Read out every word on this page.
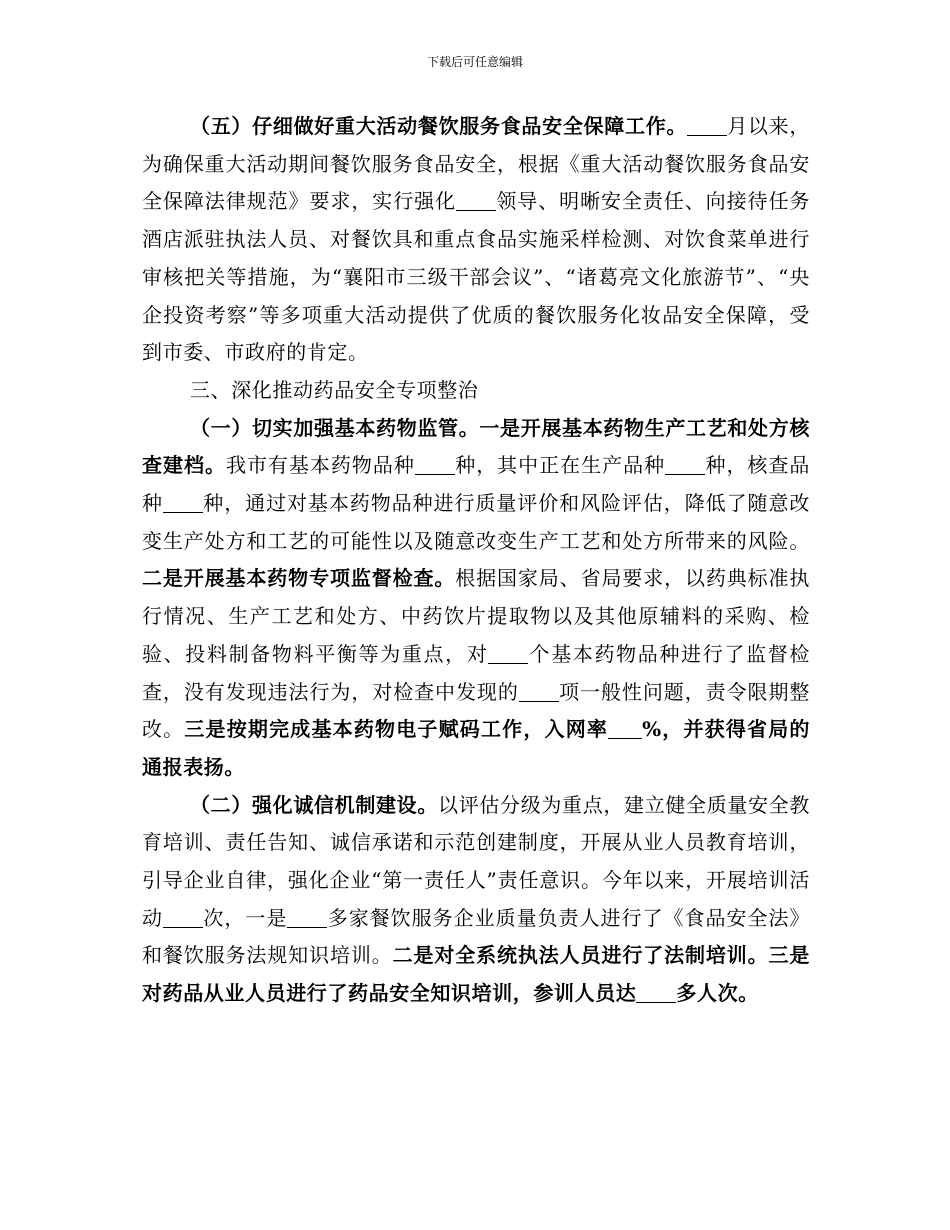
下载后可任意编辑

（五）仔细做好重大活动餐饮服务食品安全保障工作。 月以来，为确保重大活动期间餐饮服务食品安全，根据《重大活动餐饮服务食品安全保障法律规范》要求，实行强化 领导、明晰安全责任、向接待任务酒店派驻执法人员、对餐饮具和重点食品实施采样检测、对饮食菜单进行审核把关等措施，为“襄阳市三级干部会议”、“诸葛亮文化旅游节”、“央企投资考察”等多项重大活动提供了优质的餐饮服务化妆品安全保障，受到市委、市政府的肯定。

三、深化推动药品安全专项整治

（一）切实加强基本药物监管。一是开展基本药物生产工艺和处方核查建档。我市有基本药物品种 种，其中正在生产品种 种，核查品种 种，通过对基本药物品种进行质量评价和风险评估，降低了随意改变生产处方和工艺的可能性以及随意改变生产工艺和处方所带来的风险。二是开展基本药物专项监督检查。根据国家局、省局要求，以药典标准执行情况、生产工艺和处方、中药饮片提取物以及其他原辅料的采购、检验、投料制备物料平衡等为重点，对 个基本药物品种进行了监督检查，没有发现违法行为，对检查中发现的 项一般性问题，责令限期整改。三是按期完成基本药物电子赋码工作，入网率 %，并获得省局的通报表扬。

（二）强化诚信机制建设。以评估分级为重点，建立健全质量安全教育培训、责任告知、诚信承诺和示范创建制度，开展从业人员教育培训，引导企业自律，强化企业“第一责任人”责任意识。今年以来，开展培训活动 次，一是 多家餐饮服务企业质量负责人进行了《食品安全法》和餐饮服务法规知识培训。二是对全系统执法人员进行了法制培训。三是对药品从业人员进行了药品安全知识培训，参训人员达 多人次。
